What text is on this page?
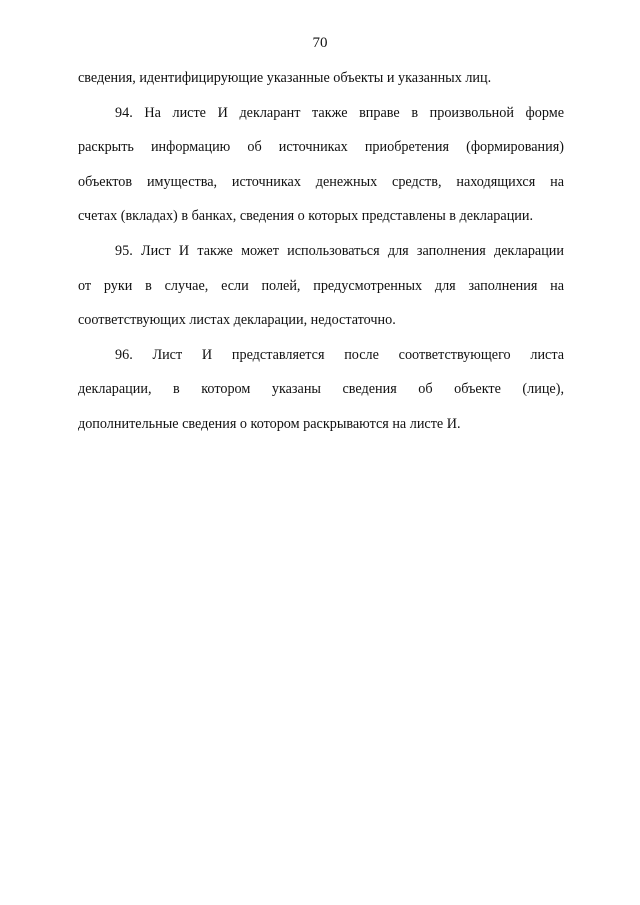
70
сведения, идентифицирующие указанные объекты и указанных лиц.
94. На листе И декларант также вправе в произвольной форме
раскрыть информацию об источниках приобретения (формирования)
объектов имущества, источниках денежных средств, находящихся на
счетах (вкладах) в банках, сведения о которых представлены в декларации.
95. Лист И также может использоваться для заполнения декларации
от руки в случае, если полей, предусмотренных для заполнения на
соответствующих листах декларации, недостаточно.
96. Лист И представляется после соответствующего листа
декларации, в котором указаны сведения об объекте (лице),
дополнительные сведения о котором раскрываются на листе И.
